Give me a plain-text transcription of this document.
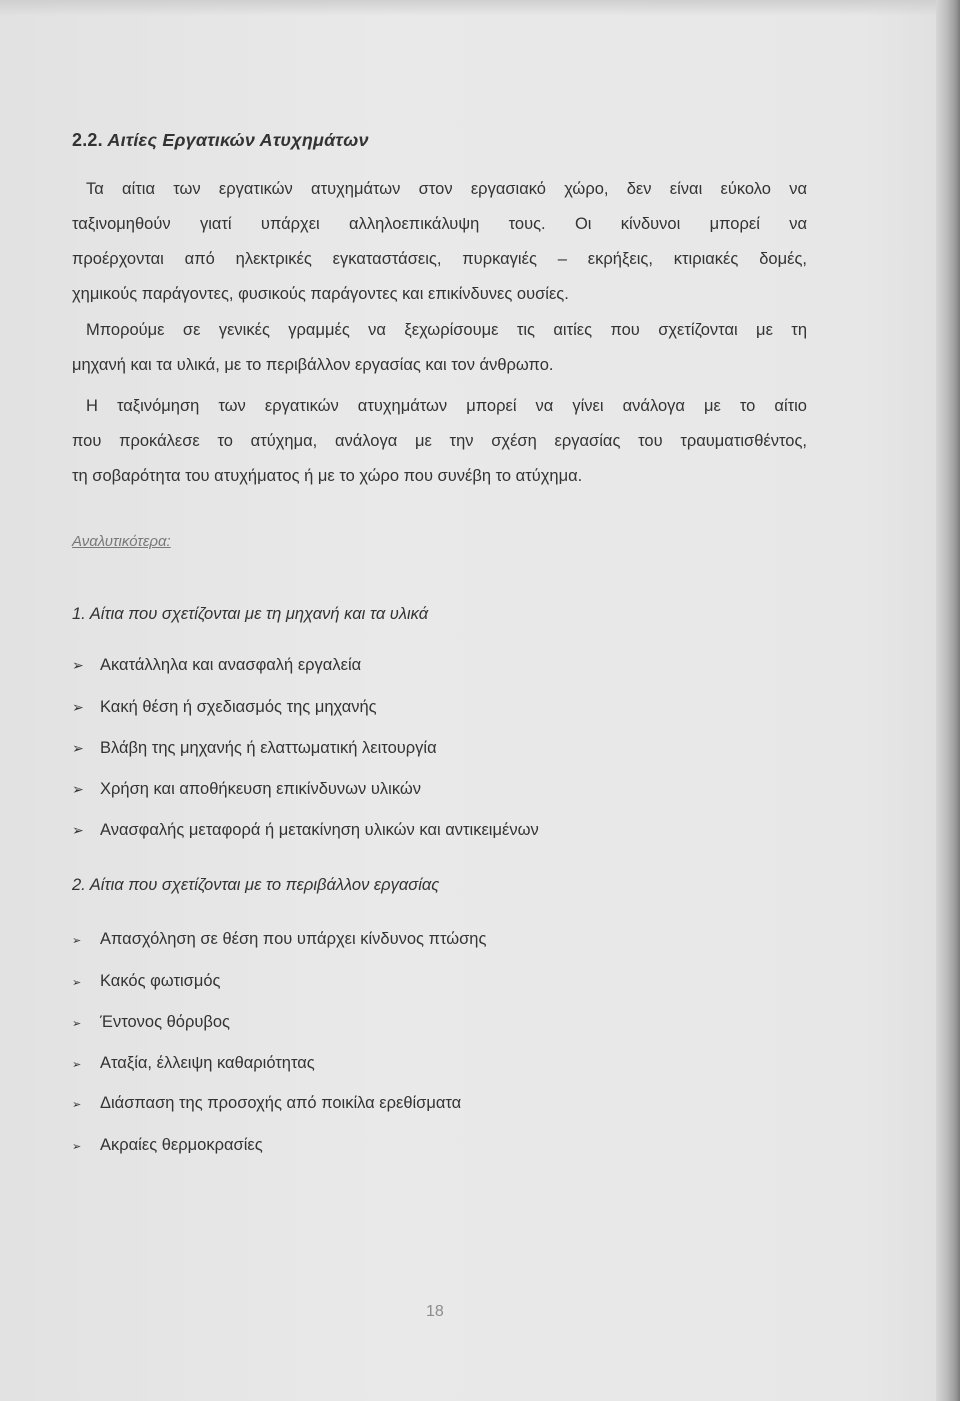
2.2. Αιτίες Εργατικών Ατυχημάτων
Τα αίτια των εργατικών ατυχημάτων στον εργασιακό χώρο, δεν είναι εύκολο να
ταξινομηθούν γιατί υπάρχει αλληλοεπικάλυψη τους. Οι κίνδυνοι μπορεί να
προέρχονται από ηλεκτρικές εγκαταστάσεις, πυρκαγιές – εκρήξεις, κτιριακές δομές,
χημικούς παράγοντες, φυσικούς παράγοντες και επικίνδυνες ουσίες.
Μπορούμε σε γενικές γραμμές να ξεχωρίσουμε τις αιτίες που σχετίζονται με τη
μηχανή και τα υλικά, με το περιβάλλον εργασίας και τον άνθρωπο.
Η ταξινόμηση των εργατικών ατυχημάτων μπορεί να γίνει ανάλογα με το αίτιο
που προκάλεσε το ατύχημα, ανάλογα με την σχέση εργασίας του τραυματισθέντος,
τη σοβαρότητα του ατυχήματος ή με το χώρο που συνέβη το ατύχημα.
Αναλυτικότερα:
1. Αίτια που σχετίζονται με τη μηχανή και τα υλικά
➢ Ακατάλληλα και ανασφαλή εργαλεία
➢ Κακή θέση ή σχεδιασμός της μηχανής
➢ Βλάβη της μηχανής ή ελαττωματική λειτουργία
➢ Χρήση και αποθήκευση επικίνδυνων υλικών
➢ Ανασφαλής μεταφορά ή μετακίνηση υλικών και αντικειμένων
2. Αίτια που σχετίζονται με το περιβάλλον εργασίας
➢	Απασχόληση σε θέση που υπάρχει κίνδυνος πτώσης
➢	Κακός φωτισμός
➢	Έντονος θόρυβος
➢	Αταξία, έλλειψη καθαριότητας
➢	Διάσπαση της προσοχής από ποικίλα ερεθίσματα
➢	Ακραίες θερμοκρασίες
18
